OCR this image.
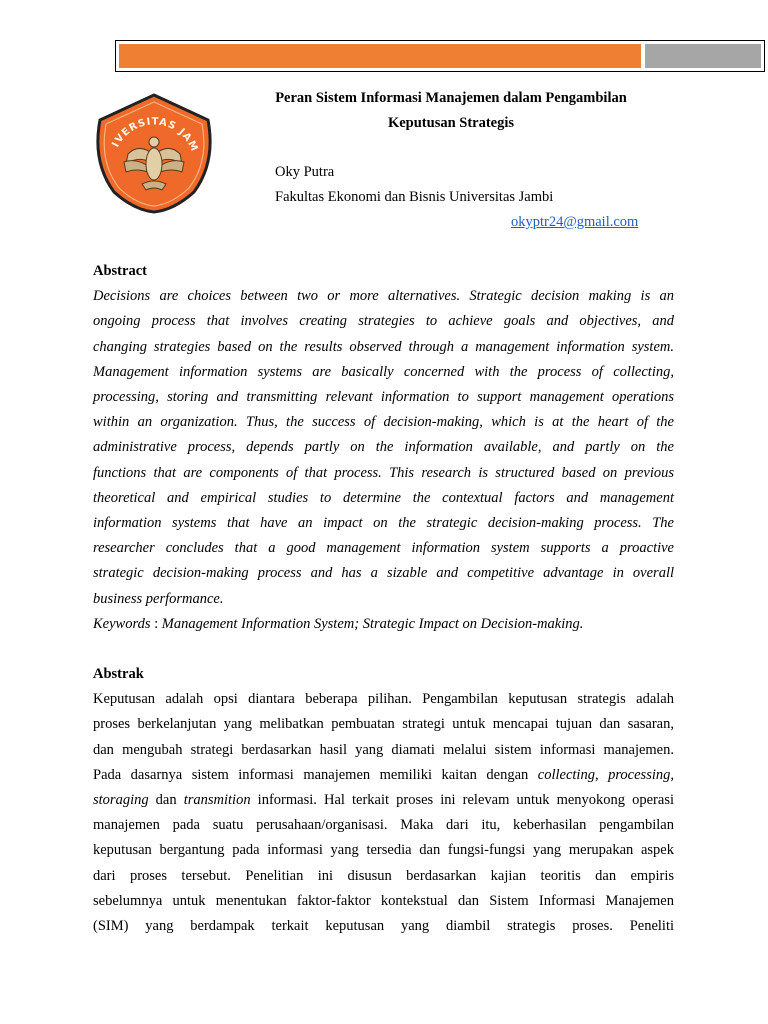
IVERSITAS JAM
Peran Sistem Informasi Manajemen dalam Pengambilan
Keputusan Strategis
Oky Putra
Fakultas Ekonomi dan Bisnis Universitas Jambi
okyptr24@gmail.com
Abstract
Decisions are choices between two or more alternatives. Strategic decision making is an
ongoing process that involves creating strategies to achieve goals and objectives, and
changing strategies based on the results observed through a management information system.
Management information systems are basically concerned with the process of collecting,
processing, storing and transmitting relevant information to support management operations
within an organization. Thus, the success of decision-making, which is at the heart of the
administrative process, depends partly on the information available, and partly on the
functions that are components of that process. This research is structured based on previous
theoretical and empirical studies to determine the contextual factors and management
information systems that have an impact on the strategic decision-making process. The
researcher concludes that a good management information system supports a proactive
strategic decision-making process and has a sizable and competitive advantage in overall
business performance.
Keywords : Management Information System; Strategic Impact on Decision-making.
Abstrak
Keputusan adalah opsi diantara beberapa pilihan. Pengambilan keputusan strategis adalah
proses berkelanjutan yang melibatkan pembuatan strategi untuk mencapai tujuan dan sasaran,
dan mengubah strategi berdasarkan hasil yang diamati melalui sistem informasi manajemen.
Pada dasarnya sistem informasi manajemen memiliki kaitan dengan collecting, processing,
storaging dan transmition informasi. Hal terkait proses ini relevam untuk menyokong operasi
manajemen pada suatu perusahaan/organisasi. Maka dari itu, keberhasilan pengambilan
keputusan bergantung pada informasi yang tersedia dan fungsi-fungsi yang merupakan aspek
dari proses tersebut. Penelitian ini disusun berdasarkan kajian teoritis dan empiris
sebelumnya untuk menentukan faktor-faktor kontekstual dan Sistem Informasi Manajemen
(SIM) yang berdampak terkait keputusan yang diambil strategis proses. Peneliti
